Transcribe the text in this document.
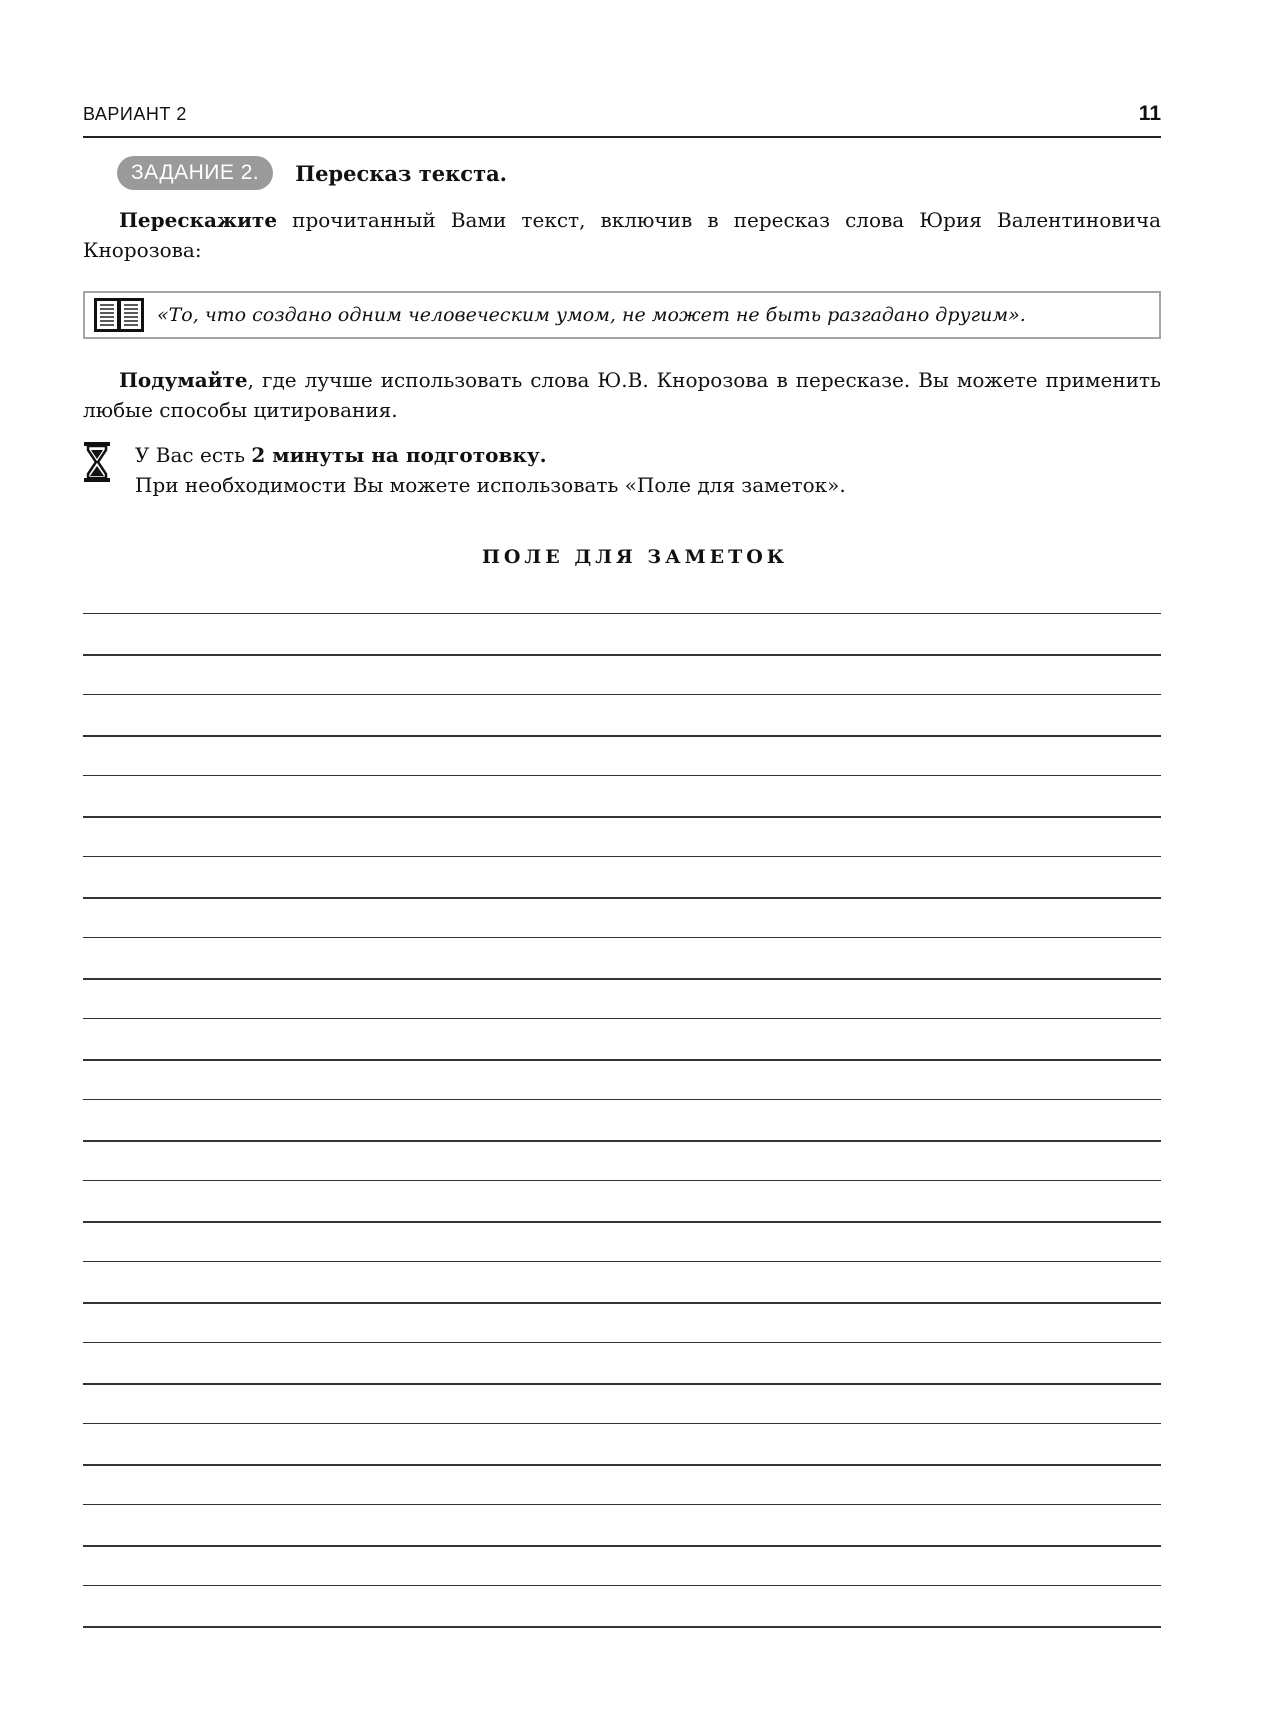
ВАРИАНТ 2	11
ЗАДАНИЕ 2.	Пересказ текста.
Перескажите прочитанный Вами текст, включив в пересказ слова Юрия Валентиновича Кнорозова:
«То, что создано одним человеческим умом, не может не быть разгадано другим».
Подумайте, где лучше использовать слова Ю.В. Кнорозова в пересказе. Вы можете применить любые способы цитирования.
У Вас есть 2 минуты на подготовку.
При необходимости Вы можете использовать «Поле для заметок».
ПОЛЕ ДЛЯ ЗАМЕТОК
